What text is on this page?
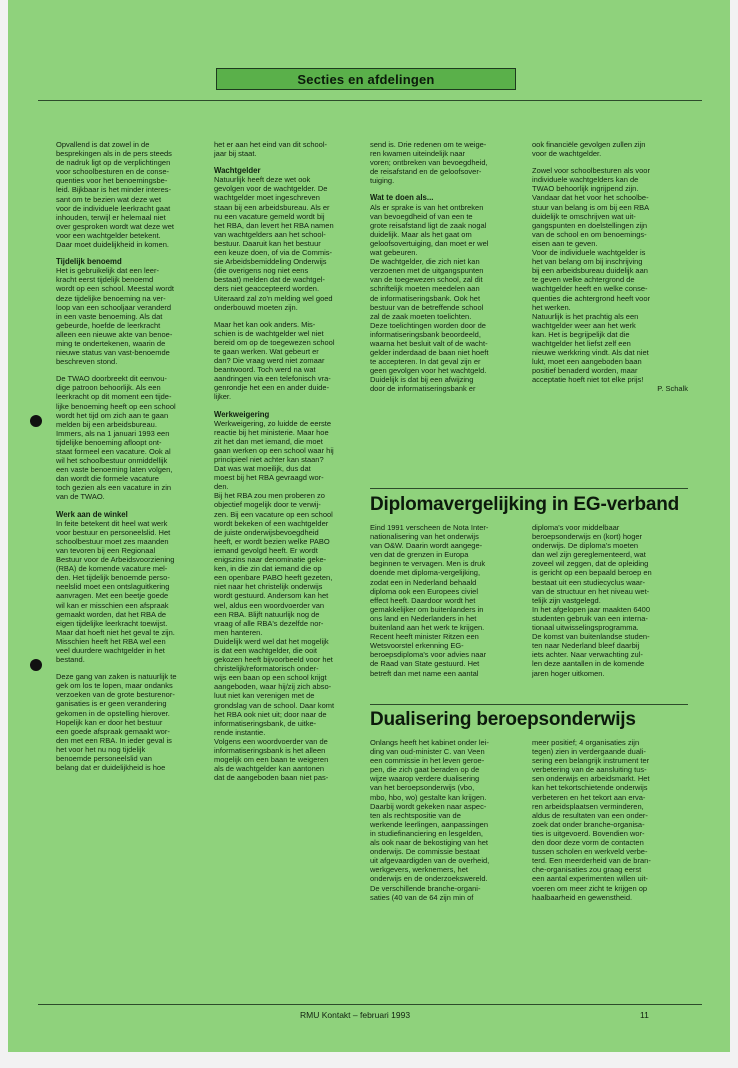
Secties en afdelingen

Opvallend is dat zowel in de
besprekingen als in de pers steeds
de nadruk ligt op de verplichtingen
voor schoolbesturen en de conse-
quenties voor het benoemingsbe-
leid. Bijkbaar is het minder interes-
sant om te bezien wat deze wet
voor de individuele leerkracht gaat
inhouden, terwijl er helemaal niet
over gesproken wordt wat deze wet
voor een wachtgelder betekent.
Daar moet duidelijkheid in komen.

Tijdelijk benoemd

Het is gebruikelijk dat een leer-
kracht eerst tijdelijk benoemd
wordt op een school. Meestal wordt
deze tijdelijke benoeming na ver-
loop van een schooljaar veranderd
in een vaste benoeming. Als dat
gebeurde, hoefde de leerkracht
alleen een nieuwe akte van benoe-
ming te ondertekenen, waarin de
nieuwe status van vast-benoemde
beschreven stond.

De TWAO doorbreekt dit eenvou-
dige patroon behoorlijk. Als een
leerkracht op dit moment een tijde-
lijke benoeming heeft op een school
wordt het tijd om zich aan te gaan
melden bij een arbeidsbureau.
Immers, als na 1 januari 1993 een
tijdelijke benoeming afloopt ont-
staat formeel een vacature. Ook al
wil het schoolbestuur onmiddellijk
een vaste benoeming laten volgen,
dan wordt die formele vacature
toch gezien als een vacature in zin
van de TWAO.

Werk aan de winkel

In feite betekent dit heel wat werk
voor bestuur en personeelslid. Het
schoolbestuur moet zes maanden
van tevoren bij een Regionaal
Bestuur voor de Arbeidsvoorziening
(RBA) de komende vacature mel-
den. Het tijdelijk benoemde perso-
neelslid moet een ontslaguitkering
aanvragen. Met een beetje goede
wil kan er misschien een afspraak
gemaakt worden, dat het RBA de
eigen tijdelijke leerkracht toewijst.
Maar dat hoeft niet het geval te zijn.
Misschien heeft het RBA wel een
veel duurdere wachtgelder in het
bestand.

Deze gang van zaken is natuurlijk te
gek om los te lopen, maar ondanks
verzoeken van de grote besturenor-
ganisaties is er geen verandering
gekomen in de opstelling hierover.
Hopelijk kan er door het bestuur
een goede afspraak gemaakt wor-
den met een RBA. In ieder geval is
het voor het nu nog tijdelijk
benoemde personeelslid van
belang dat er duidelijkheid is hoe

het er aan het eind van dit school-
jaar bij staat.

Wachtgelder

Natuurlijk heeft deze wet ook
gevolgen voor de wachtgelder. De
wachtgelder moet ingeschreven
staan bij een arbeidsbureau. Als er
nu een vacature gemeld wordt bij
het RBA, dan levert het RBA namen
van wachtgelders aan het school-
bestuur. Daaruit kan het bestuur
een keuze doen, of via de Commis-
sie Arbeidsbemiddeling Onderwijs
(die overigens nog niet eens
bestaat) melden dat de wachtgel-
ders niet geaccepteerd worden.
Uiteraard zal zo'n melding wel goed
onderbouwd moeten zijn.

Maar het kan ook anders. Mis-
schien is de wachtgelder wel niet
bereid om op de toegewezen school
te gaan werken. Wat gebeurt er
dan? Die vraag werd niet zomaar
beantwoord. Toch werd na wat
aandringen via een telefonisch vra-
genrondje het een en ander duide-
lijker.

Werkweigering

Werkweigering, zo luidde de eerste
reactie bij het ministerie. Maar hoe
zit het dan met iemand, die moet
gaan werken op een school waar hij
principieel niet achter kan staan?
Dat was wat moeilijk, dus dat
moest bij het RBA gevraagd wor-
den.
Bij het RBA zou men proberen zo
objectief mogelijk door te verwij-
zen. Bij een vacature op een school
wordt bekeken of een wachtgelder
de juiste onderwijsbevoegdheid
heeft, er wordt bezien welke PABO
iemand gevolgd heeft. Er wordt
enigszins naar denominatie geke-
ken, in die zin dat iemand die op
een openbare PABO heeft gezeten,
niet naar het christelijk onderwijs
wordt gestuurd. Andersom kan het
wel, aldus een woordvoerder van
een RBA. Blijft natuurlijk nog de
vraag of alle RBA's dezelfde nor-
men hanteren.
Duidelijk werd wel dat het mogelijk
is dat een wachtgelder, die ooit
gekozen heeft bijvoorbeeld voor het
christelijk/reformatorisch onder-
wijs een baan op een school krijgt
aangeboden, waar hij/zij zich abso-
luut niet kan verenigen met de
grondslag van de school. Daar komt
het RBA ook niet uit; door naar de
informatiseringsbank, de uitke-
rende instantie.
Volgens een woordvoerder van de
informatiseringsbank is het alleen
mogelijk om een baan te weigeren
als de wachtgelder kan aantonen
dat de aangeboden baan niet pas-

send is. Drie redenen om te weige-
ren kwamen uiteindelijk naar
voren; ontbreken van bevoegdheid,
de reisafstand en de geloofsover-
tuiging.

Wat te doen als...

Als er sprake is van het ontbreken
van bevoegdheid of van een te
grote reisafstand ligt de zaak nogal
duidelijk. Maar als het gaat om
geloofsovertuiging, dan moet er wel
wat gebeuren.
De wachtgelder, die zich niet kan
verzoenen met de uitgangspunten
van de toegewezen school, zal dit
schriftelijk moeten meedelen aan
de informatiseringsbank. Ook het
bestuur van de betreffende school
zal de zaak moeten toelichten.
Deze toelichtingen worden door de
informatiseringsbank beoordeeld,
waarna het besluit valt of de wacht-
gelder inderdaad de baan niet hoeft
te accepteren. In dat geval zijn er
geen gevolgen voor het wachtgeld.
Duidelijk is dat bij een afwijzing
door de informatiseringsbank er

ook financiële gevolgen zullen zijn
voor de wachtgelder.

Zowel voor schoolbesturen als voor
individuele wachtgelders kan de
TWAO behoorlijk ingrijpend zijn.
Vandaar dat het voor het schoolbe-
stuur van belang is om bij een RBA
duidelijk te omschrijven wat uit-
gangspunten en doelstellingen zijn
van de school en om benoemings-
eisen aan te geven.
Voor de individuele wachtgelder is
het van belang om bij inschrijving
bij een arbeidsbureau duidelijk aan
te geven welke achtergrond de
wachtgelder heeft en welke conse-
quenties die achtergrond heeft voor
het werken.
Natuurlijk is het prachtig als een
wachtgelder weer aan het werk
kan. Het is begrijpelijk dat die
wachtgelder het liefst zelf een
nieuwe werkkring vindt. Als dat niet
lukt, moet een aangeboden baan
positief benaderd worden, maar
acceptatie hoeft niet tot elke prijs!

P. Schalk

Diplomavergelijking in EG-verband

Eind 1991 verscheen de Nota Inter-
nationalisering van het onderwijs
van O&W. Daarin wordt aangege-
ven dat de grenzen in Europa
beginnen te vervagen. Men is druk
doende met diploma-vergelijking,
zodat een in Nederland behaald
diploma ook een Europees civiel
effect heeft. Daardoor wordt het
gemakkelijker om buitenlanders in
ons land en Nederlanders in het
buitenland aan het werk te krijgen.
Recent heeft minister Ritzen een
Wetsvoorstel erkenning EG-
beroepsdiploma's voor advies naar
de Raad van State gestuurd. Het
betreft dan met name een aantal

diploma's voor middelbaar
beroepsonderwijs en (kort) hoger
onderwijs. De diploma's moeten
dan wel zijn gereglementeerd, wat
zoveel wil zeggen, dat de opleiding
is gericht op een bepaald beroep en
bestaat uit een studiecyclus waar-
van de structuur en het niveau wet-
telijk zijn vastgelegd.
In het afgelopen jaar maakten 6400
studenten gebruik van een interna-
tionaal uitwisselingsprogramma.
De komst van buitenlandse studen-
ten naar Nederland bleef daarbij
iets achter. Naar verwachting zul-
len deze aantallen in de komende
jaren hoger uitkomen.

Dualisering beroepsonderwijs

Onlangs heeft het kabinet onder lei-
ding van oud-minister C. van Veen
een commissie in het leven geroe-
pen, die zich gaat beraden op de
wijze waarop verdere dualisering
van het beroepsonderwijs (vbo,
mbo, hbo, wo) gestalte kan krijgen.
Daarbij wordt gekeken naar aspec-
ten als rechtspositie van de
werkende leerlingen, aanpassingen
in studiefinanciering en lesgelden,
als ook naar de bekostiging van het
onderwijs. De commissie bestaat
uit afgevaardigden van de overheid,
werkgevers, werknemers, het
onderwijs en de onderzoekswereld.
De verschillende branche-organi-
saties (40 van de 64 zijn min of

meer positief; 4 organisaties zijn
tegen) zien in verdergaande duali-
sering een belangrijk instrument ter
verbetering van de aansluiting tus-
sen onderwijs en arbeidsmarkt. Het
kan het tekortschietende onderwijs
verbeteren en het tekort aan erva-
ren arbeidsplaatsen verminderen,
aldus de resultaten van een onder-
zoek dat onder branche-organisa-
ties is uitgevoerd. Bovendien wor-
den door deze vorm de contacten
tussen scholen en werkveld verbe-
terd. Een meerderheid van de bran-
che-organisaties zou graag eerst
een aantal experimenten willen uit-
voeren om meer zicht te krijgen op
haalbaarheid en gewenstheid.

RMU Kontakt – februari 1993	11
